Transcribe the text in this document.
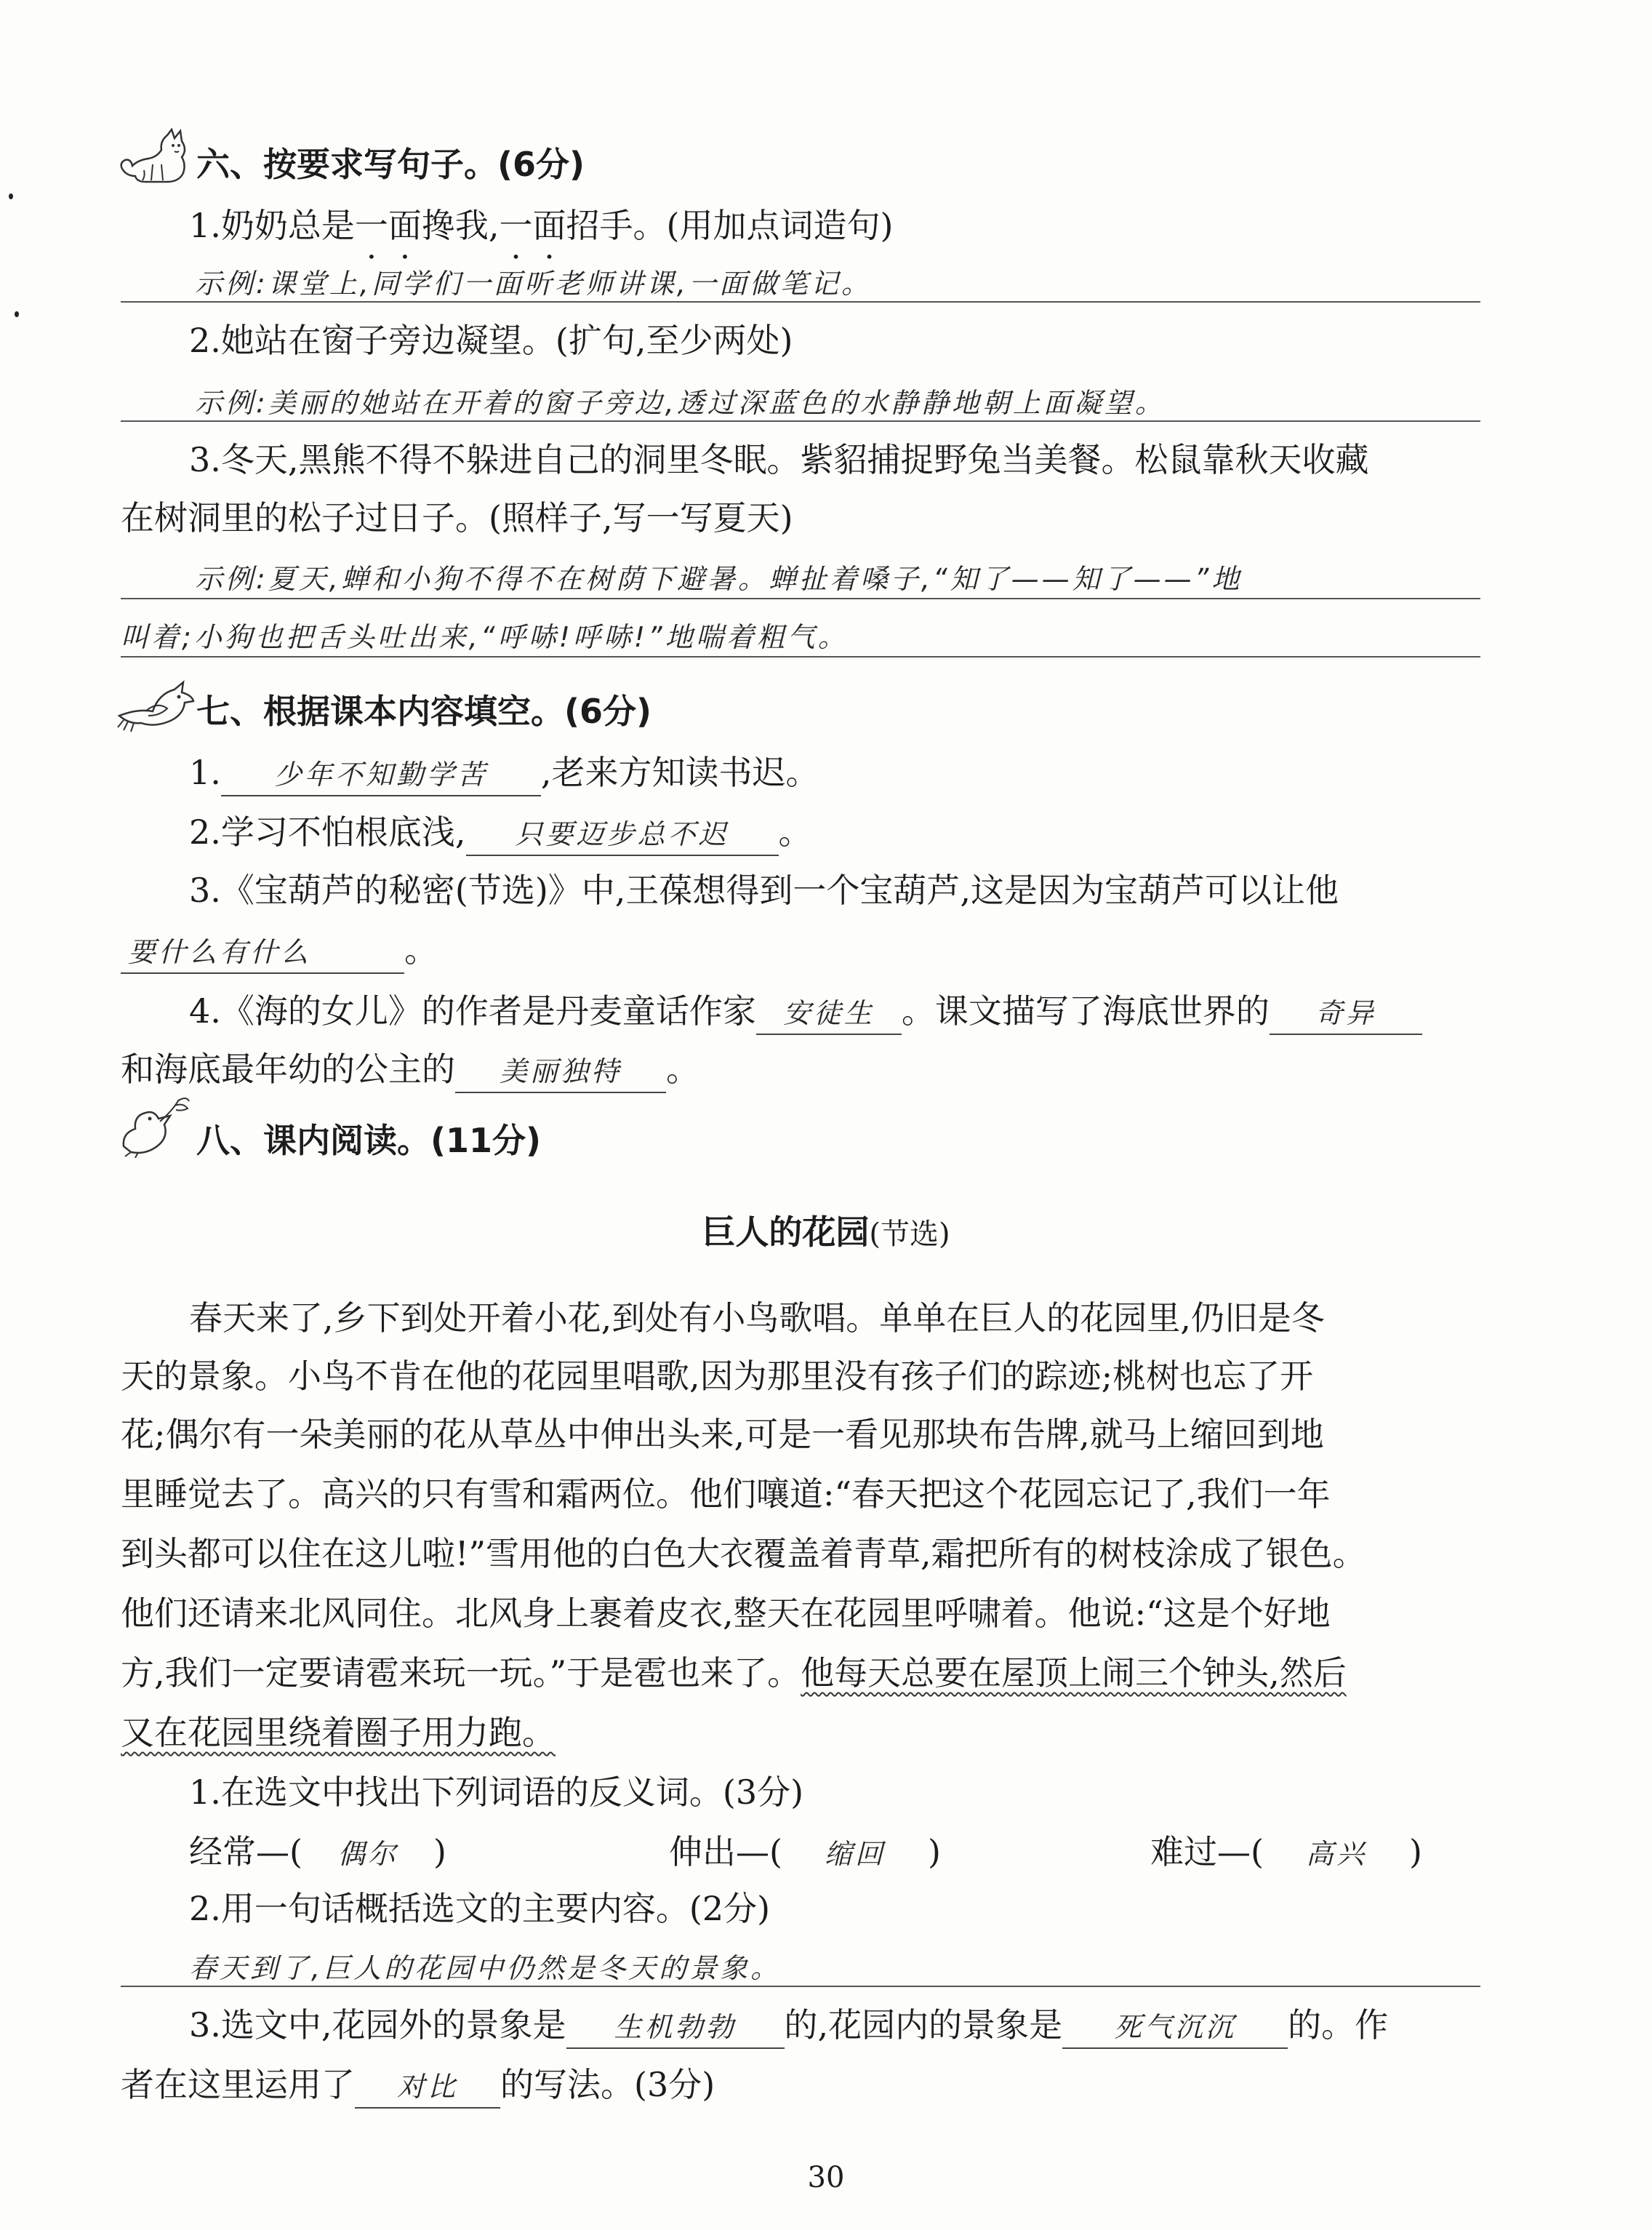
六、按要求写句子。(6分)
1.奶奶总是一面搀我,一面招手。(用加点词造句)
示例:课堂上,同学们一面听老师讲课,一面做笔记。
2.她站在窗子旁边凝望。(扩句,至少两处)
示例:美丽的她站在开着的窗子旁边,透过深蓝色的水静静地朝上面凝望。
3.冬天,黑熊不得不躲进自己的洞里冬眠。紫貂捕捉野兔当美餐。松鼠靠秋天收藏
在树洞里的松子过日子。(照样子,写一写夏天)
示例:夏天,蝉和小狗不得不在树荫下避暑。蝉扯着嗓子,“知了——知了——”地
叫着;小狗也把舌头吐出来,“呼哧!呼哧!”地喘着粗气。
七、根据课本内容填空。(6分)
1. 少年不知勤学苦 ,老来方知读书迟。
2.学习不怕根底浅, 只要迈步总不迟 。
3.《宝葫芦的秘密(节选)》中,王葆想得到一个宝葫芦,这是因为宝葫芦可以让他
要什么有什么	。
4.《海的女儿》的作者是丹麦童话作家 安徒生 。课文描写了海底世界的 奇异
和海底最年幼的公主的 美丽独特 。
八、课内阅读。(11分)
巨人的花园(节选)
春天来了,乡下到处开着小花,到处有小鸟歌唱。单单在巨人的花园里,仍旧是冬
天的景象。小鸟不肯在他的花园里唱歌,因为那里没有孩子们的踪迹;桃树也忘了开
花;偶尔有一朵美丽的花从草丛中伸出头来,可是一看见那块布告牌,就马上缩回到地
里睡觉去了。高兴的只有雪和霜两位。他们嚷道:“春天把这个花园忘记了,我们一年
到头都可以住在这儿啦!”雪用他的白色大衣覆盖着青草,霜把所有的树枝涂成了银色。
他们还请来北风同住。北风身上裹着皮衣,整天在花园里呼啸着。他说:“这是个好地
方,我们一定要请雹来玩一玩。”于是雹也来了。他每天总要在屋顶上闹三个钟头,然后
又在花园里绕着圈子用力跑。
1.在选文中找出下列词语的反义词。(3分)
经常—( 偶尔 )	伸出—( 缩回 )	难过—( 高兴 )
2.用一句话概括选文的主要内容。(2分)
春天到了,巨人的花园中仍然是冬天的景象。
3.选文中,花园外的景象是 生机勃勃 的,花园内的景象是 死气沉沉 的。作
者在这里运用了 对比 的写法。(3分)
30
